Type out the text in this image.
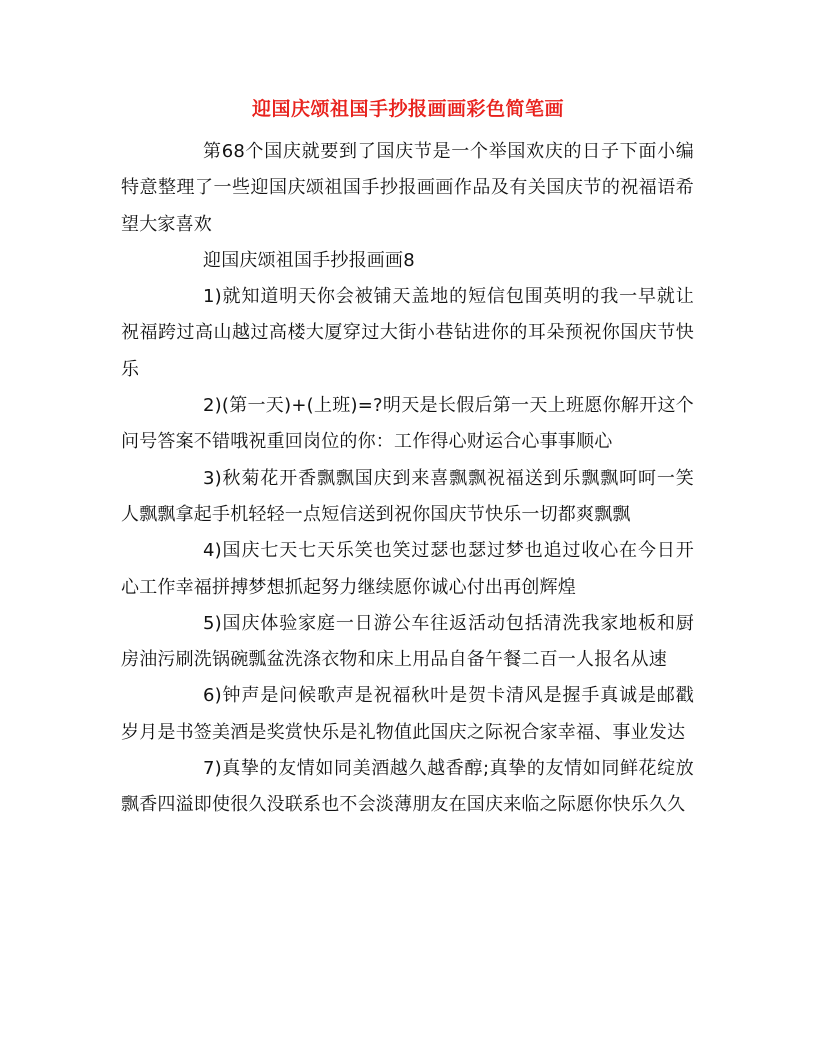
迎国庆颂祖国手抄报画画彩色简笔画

第68个国庆就要到了国庆节是一个举国欢庆的日子下面小编特意整理了一些迎国庆颂祖国手抄报画画作品及有关国庆节的祝福语希望大家喜欢

迎国庆颂祖国手抄报画画8

1)就知道明天你会被铺天盖地的短信包围英明的我一早就让祝福跨过高山越过高楼大厦穿过大街小巷钻进你的耳朵预祝你国庆节快乐

2)(第一天)+(上班)=?明天是长假后第一天上班愿你解开这个问号答案不错哦祝重回岗位的你：工作得心财运合心事事顺心

3)秋菊花开香飘飘国庆到来喜飘飘祝福送到乐飘飘呵呵一笑人飘飘拿起手机轻轻一点短信送到祝你国庆节快乐一切都爽飘飘

4)国庆七天七天乐笑也笑过瑟也瑟过梦也追过收心在今日开心工作幸福拼搏梦想抓起努力继续愿你诚心付出再创辉煌

5)国庆体验家庭一日游公车往返活动包括清洗我家地板和厨房油污刷洗锅碗瓢盆洗涤衣物和床上用品自备午餐二百一人报名从速

6)钟声是问候歌声是祝福秋叶是贺卡清风是握手真诚是邮戳岁月是书签美酒是奖赏快乐是礼物值此国庆之际祝合家幸福、事业发达

7)真挚的友情如同美酒越久越香醇;真挚的友情如同鲜花绽放飘香四溢即使很久没联系也不会淡薄朋友在国庆来临之际愿你快乐久久
